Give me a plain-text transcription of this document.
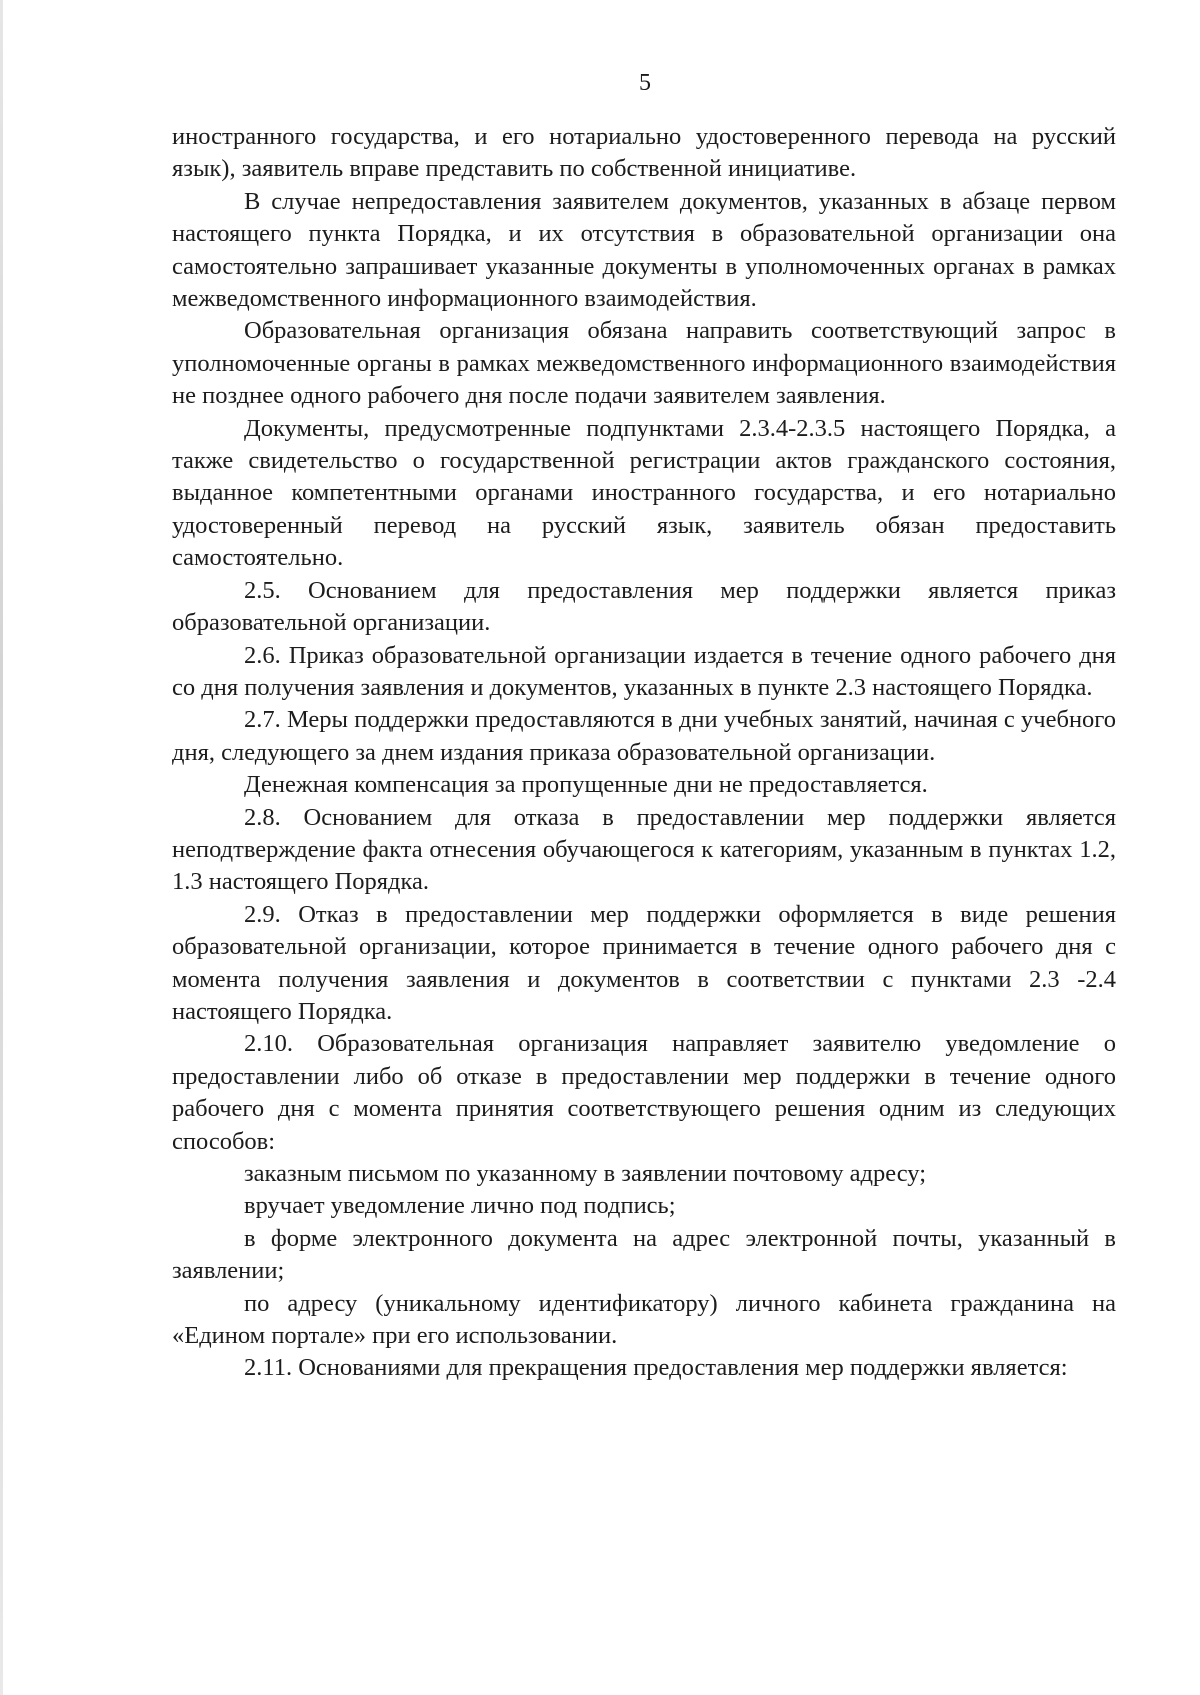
5

иностранного государства, и его нотариально удостоверенного перевода на русский язык), заявитель вправе представить по собственной инициативе.

В случае непредоставления заявителем документов, указанных в абзаце первом настоящего пункта Порядка, и их отсутствия в образовательной организации она самостоятельно запрашивает указанные документы в уполномоченных органах в рамках межведомственного информационного взаимодействия.

Образовательная организация обязана направить соответствующий запрос в уполномоченные органы в рамках межведомственного информационного взаимодействия не позднее одного рабочего дня после подачи заявителем заявления.

Документы, предусмотренные подпунктами 2.3.4-2.3.5 настоящего Порядка, а также свидетельство о государственной регистрации актов гражданского состояния, выданное компетентными органами иностранного государства, и его нотариально удостоверенный перевод на русский язык, заявитель обязан предоставить самостоятельно.

2.5. Основанием для предоставления мер поддержки является приказ образовательной организации.

2.6. Приказ образовательной организации издается в течение одного рабочего дня со дня получения заявления и документов, указанных в пункте 2.3 настоящего Порядка.

2.7. Меры поддержки предоставляются в дни учебных занятий, начиная с учебного дня, следующего за днем издания приказа образовательной организации.

Денежная компенсация за пропущенные дни не предоставляется.

2.8. Основанием для отказа в предоставлении мер поддержки является неподтверждение факта отнесения обучающегося к категориям, указанным в пунктах 1.2, 1.3 настоящего Порядка.

2.9. Отказ в предоставлении мер поддержки оформляется в виде решения образовательной организации, которое принимается в течение одного рабочего дня с момента получения заявления и документов в соответствии с пунктами 2.3 -2.4 настоящего Порядка.

2.10. Образовательная организация направляет заявителю уведомление о предоставлении либо об отказе в предоставлении мер поддержки в течение одного рабочего дня с момента принятия соответствующего решения одним из следующих способов:

заказным письмом по указанному в заявлении почтовому адресу;

вручает уведомление лично под подпись;

в форме электронного документа на адрес электронной почты, указанный в заявлении;

по адресу (уникальному идентификатору) личного кабинета гражданина на «Едином портале» при его использовании.

2.11. Основаниями для прекращения предоставления мер поддержки является:
